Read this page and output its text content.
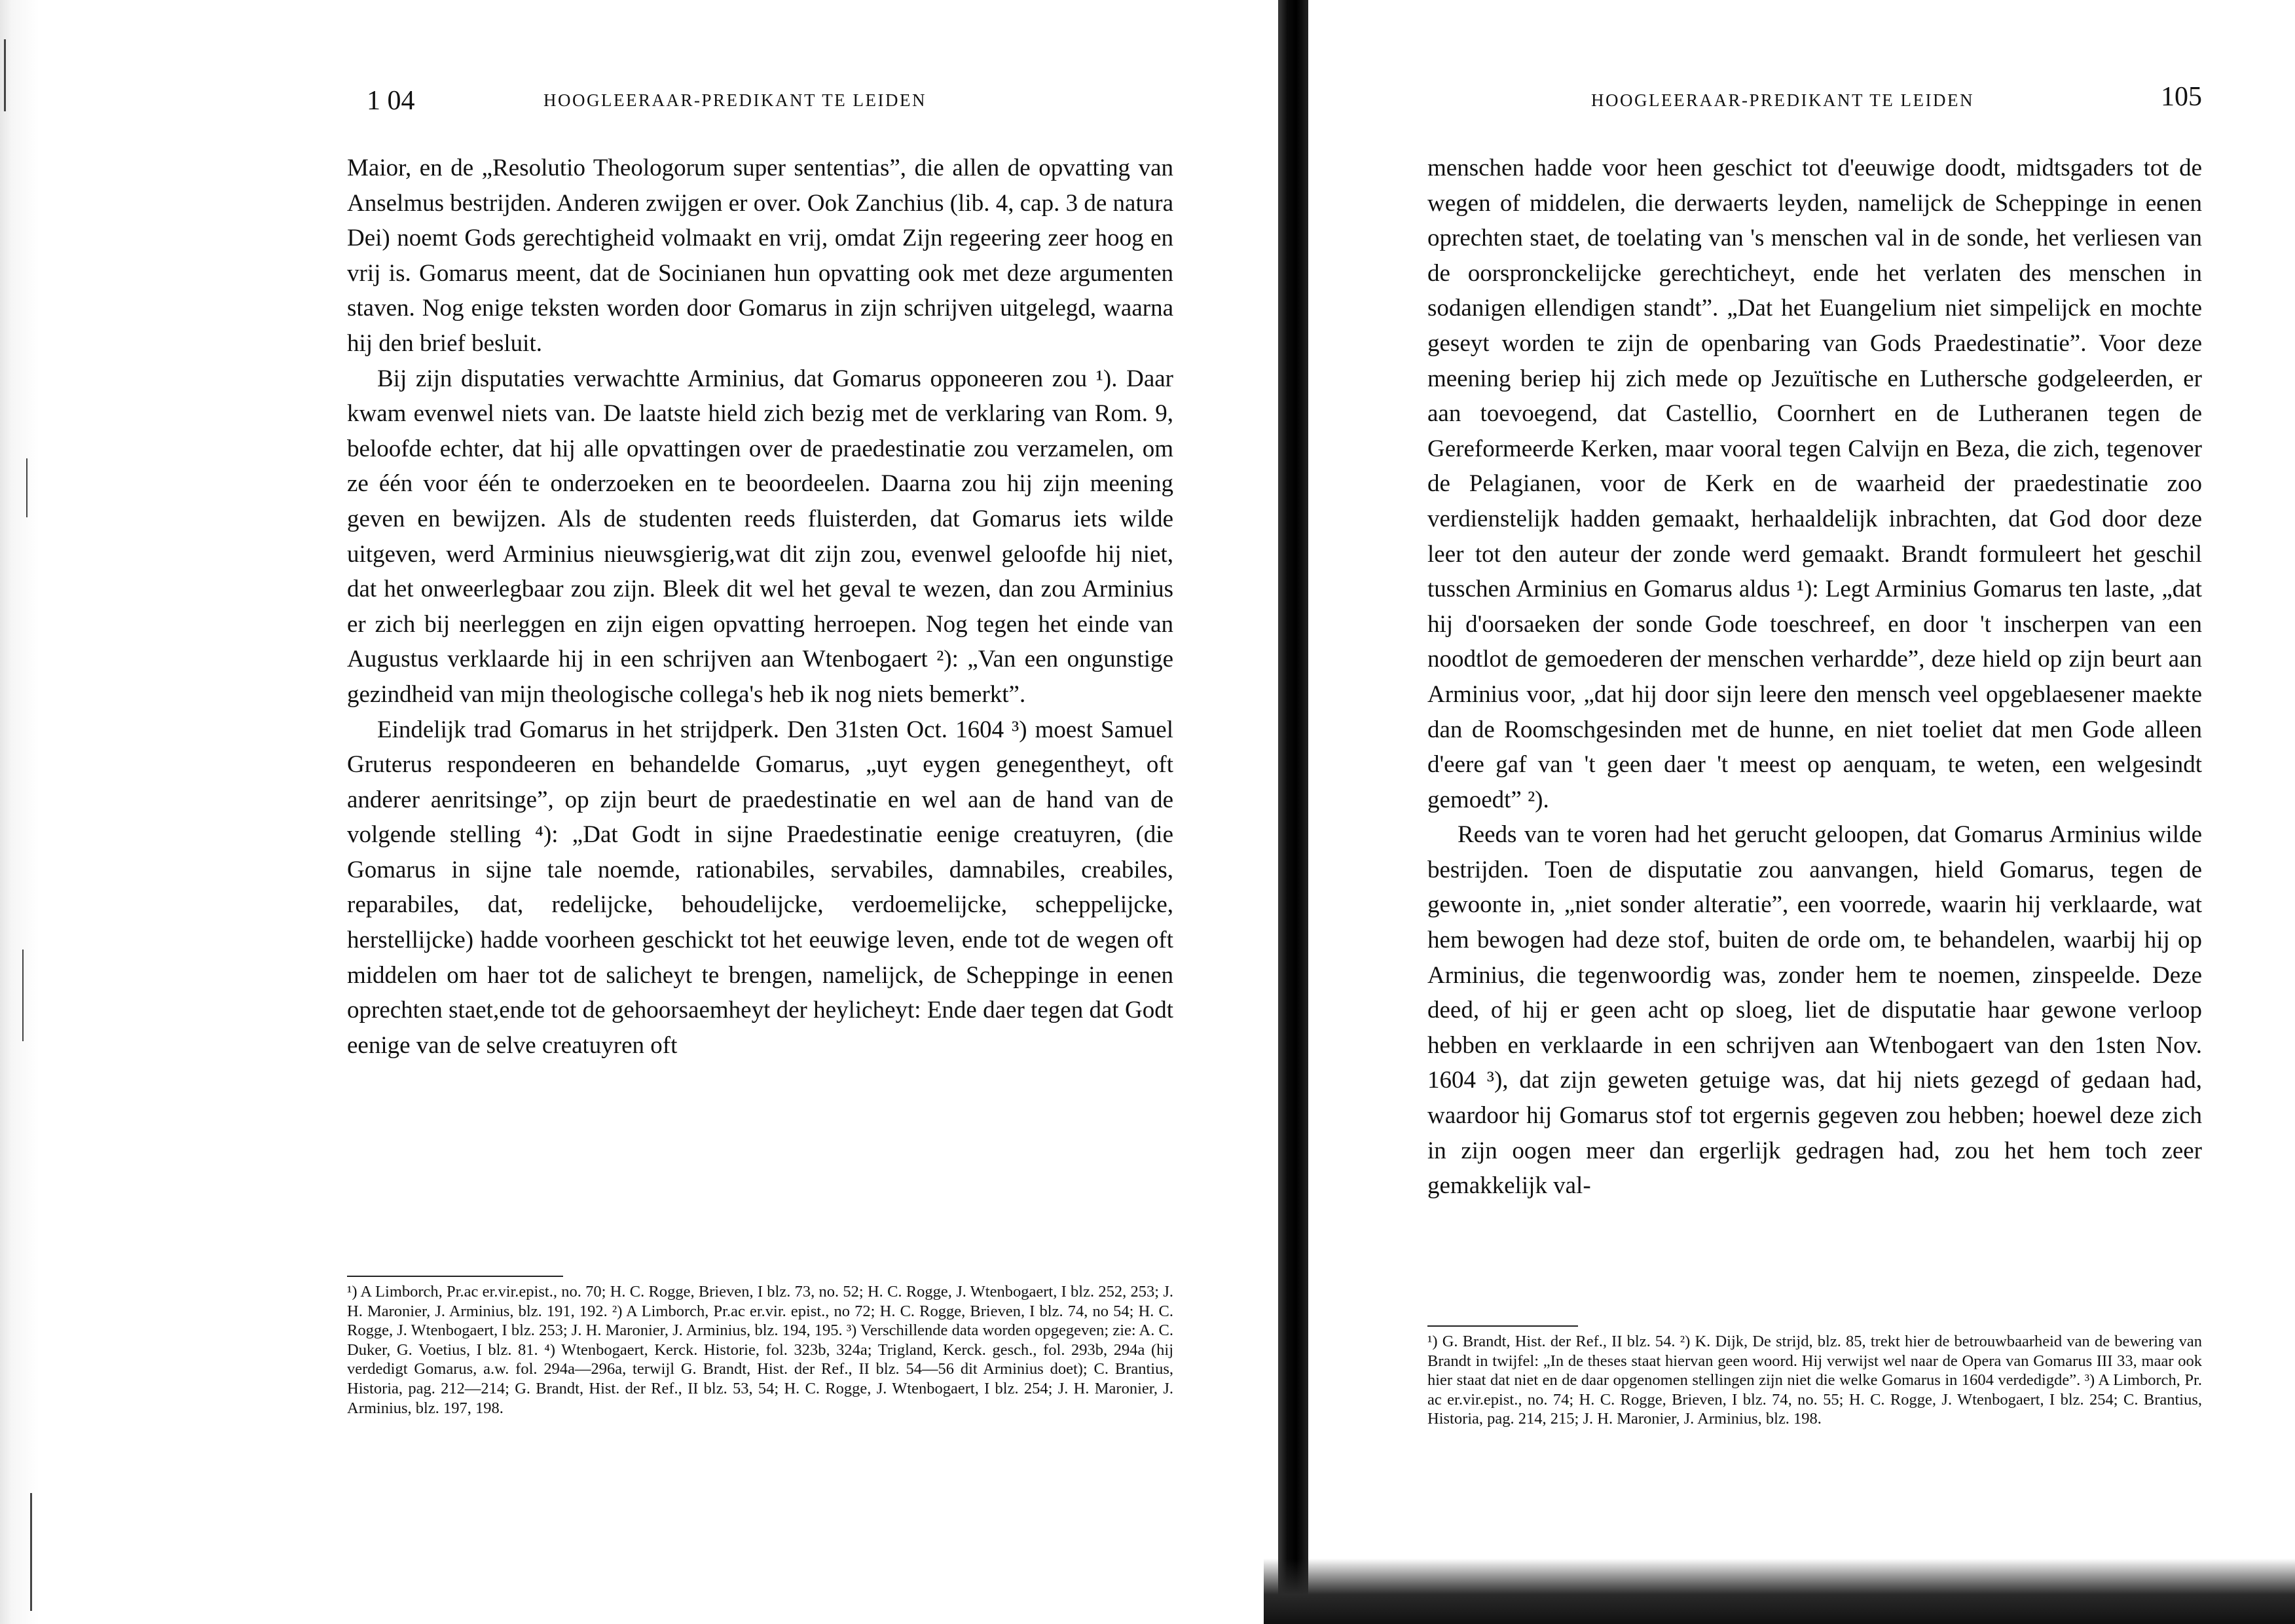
1 04	HOOGLEERAAR-PREDIKANT TE LEIDEN

Maior, en de „Resolutio Theologorum super sententias”, die allen de opvatting van Anselmus bestrijden. Anderen zwijgen er over. Ook Zanchius (lib. 4, cap. 3 de natura Dei) noemt Gods gerechtigheid volmaakt en vrij, omdat Zijn regeering zeer hoog en vrij is. Gomarus meent, dat de Socinianen hun opvatting ook met deze argumenten staven. Nog enige teksten worden door Gomarus in zijn schrijven uitgelegd, waarna hij den brief besluit.

Bij zijn disputaties verwachtte Arminius, dat Gomarus opponeeren zou ¹). Daar kwam evenwel niets van. De laatste hield zich bezig met de verklaring van Rom. 9, beloofde echter, dat hij alle opvattingen over de praedestinatie zou verzamelen, om ze één voor één te onderzoeken en te beoordeelen. Daarna zou hij zijn meening geven en bewijzen. Als de studenten reeds fluisterden, dat Gomarus iets wilde uitgeven, werd Arminius nieuwsgierig,wat dit zijn zou, evenwel geloofde hij niet, dat het onweerlegbaar zou zijn. Bleek dit wel het geval te wezen, dan zou Arminius er zich bij neerleggen en zijn eigen opvatting herroepen. Nog tegen het einde van Augustus verklaarde hij in een schrijven aan Wtenbogaert ²): „Van een ongunstige gezindheid van mijn theologische collega's heb ik nog niets bemerkt”.

Eindelijk trad Gomarus in het strijdperk. Den 31sten Oct. 1604 ³) moest Samuel Gruterus respondeeren en behandelde Gomarus, „uyt eygen genegentheyt, oft anderer aenritsinge”, op zijn beurt de praedestinatie en wel aan de hand van de volgende stelling ⁴): „Dat Godt in sijne Praedestinatie eenige creatuyren, (die Gomarus in sijne tale noemde, rationabiles, servabiles, damnabiles, creabiles, reparabiles, dat, redelijcke, behoudelijcke, verdoemelijcke, scheppelijcke, herstellijcke) hadde voorheen geschickt tot het eeuwige leven, ende tot de wegen oft middelen om haer tot de salicheyt te brengen, namelijck, de Scheppinge in eenen oprechten staet,ende tot de gehoorsaemheyt der heylicheyt: Ende daer tegen dat Godt eenige van de selve creatuyren oft

¹) A Limborch, Pr.ac er.vir.epist., no. 70; H. C. Rogge, Brieven, I blz. 73, no. 52; H. C. Rogge, J. Wtenbogaert, I blz. 252, 253; J. H. Maronier, J. Arminius, blz. 191, 192. ²) A Limborch, Pr.ac er.vir. epist., no 72; H. C. Rogge, Brieven, I blz. 74, no 54; H. C. Rogge, J. Wtenbogaert, I blz. 253; J. H. Maronier, J. Arminius, blz. 194, 195. ³) Verschillende data worden opgegeven; zie: A. C. Duker, G. Voetius, I blz. 81. ⁴) Wtenbogaert, Kerck. Historie, fol. 323b, 324a; Trigland, Kerck. gesch., fol. 293b, 294a (hij verdedigt Gomarus, a.w. fol. 294a—296a, terwijl G. Brandt, Hist. der Ref., II blz. 54—56 dit Arminius doet); C. Brantius, Historia, pag. 212—214; G. Brandt, Hist. der Ref., II blz. 53, 54; H. C. Rogge, J. Wtenbogaert, I blz. 254; J. H. Maronier, J. Arminius, blz. 197, 198.

HOOGLEERAAR-PREDIKANT TE LEIDEN	105

menschen hadde voor heen geschict tot d'eeuwige doodt, midtsgaders tot de wegen of middelen, die derwaerts leyden, namelijck de Scheppinge in eenen oprechten staet, de toelating van 's menschen val in de sonde, het verliesen van de oorspronckelijcke gerechticheyt, ende het verlaten des menschen in sodanigen ellendigen standt”. „Dat het Euangelium niet simpelijck en mochte geseyt worden te zijn de openbaring van Gods Praedestinatie”. Voor deze meening beriep hij zich mede op Jezuïtische en Luthersche godgeleerden, er aan toevoegend, dat Castellio, Coornhert en de Lutheranen tegen de Gereformeerde Kerken, maar vooral tegen Calvijn en Beza, die zich, tegenover de Pelagianen, voor de Kerk en de waarheid der praedestinatie zoo verdienstelijk hadden gemaakt, herhaaldelijk inbrachten, dat God door deze leer tot den auteur der zonde werd gemaakt. Brandt formuleert het geschil tusschen Arminius en Gomarus aldus ¹): Legt Arminius Gomarus ten laste, „dat hij d'oorsaeken der sonde Gode toeschreef, en door 't inscherpen van een noodtlot de gemoederen der menschen verhardde”, deze hield op zijn beurt aan Arminius voor, „dat hij door sijn leere den mensch veel opgeblaesener maekte dan de Roomschgesinden met de hunne, en niet toeliet dat men Gode alleen d'eere gaf van 't geen daer 't meest op aenquam, te weten, een welgesindt gemoedt” ²).

Reeds van te voren had het gerucht geloopen, dat Gomarus Arminius wilde bestrijden. Toen de disputatie zou aanvangen, hield Gomarus, tegen de gewoonte in, „niet sonder alteratie”, een voorrede, waarin hij verklaarde, wat hem bewogen had deze stof, buiten de orde om, te behandelen, waarbij hij op Arminius, die tegenwoordig was, zonder hem te noemen, zinspeelde. Deze deed, of hij er geen acht op sloeg, liet de disputatie haar gewone verloop hebben en verklaarde in een schrijven aan Wtenbogaert van den 1sten Nov. 1604 ³), dat zijn geweten getuige was, dat hij niets gezegd of gedaan had, waardoor hij Gomarus stof tot ergernis gegeven zou hebben; hoewel deze zich in zijn oogen meer dan ergerlijk gedragen had, zou het hem toch zeer gemakkelijk val-

¹) G. Brandt, Hist. der Ref., II blz. 54. ²) K. Dijk, De strijd, blz. 85, trekt hier de betrouwbaarheid van de bewering van Brandt in twijfel: „In de theses staat hiervan geen woord. Hij verwijst wel naar de Opera van Gomarus III 33, maar ook hier staat dat niet en de daar opgenomen stellingen zijn niet die welke Gomarus in 1604 verdedigde”. ³) A Limborch, Pr. ac er.vir.epist., no. 74; H. C. Rogge, Brieven, I blz. 74, no. 55; H. C. Rogge, J. Wtenbogaert, I blz. 254; C. Brantius, Historia, pag. 214, 215; J. H. Maronier, J. Arminius, blz. 198.
